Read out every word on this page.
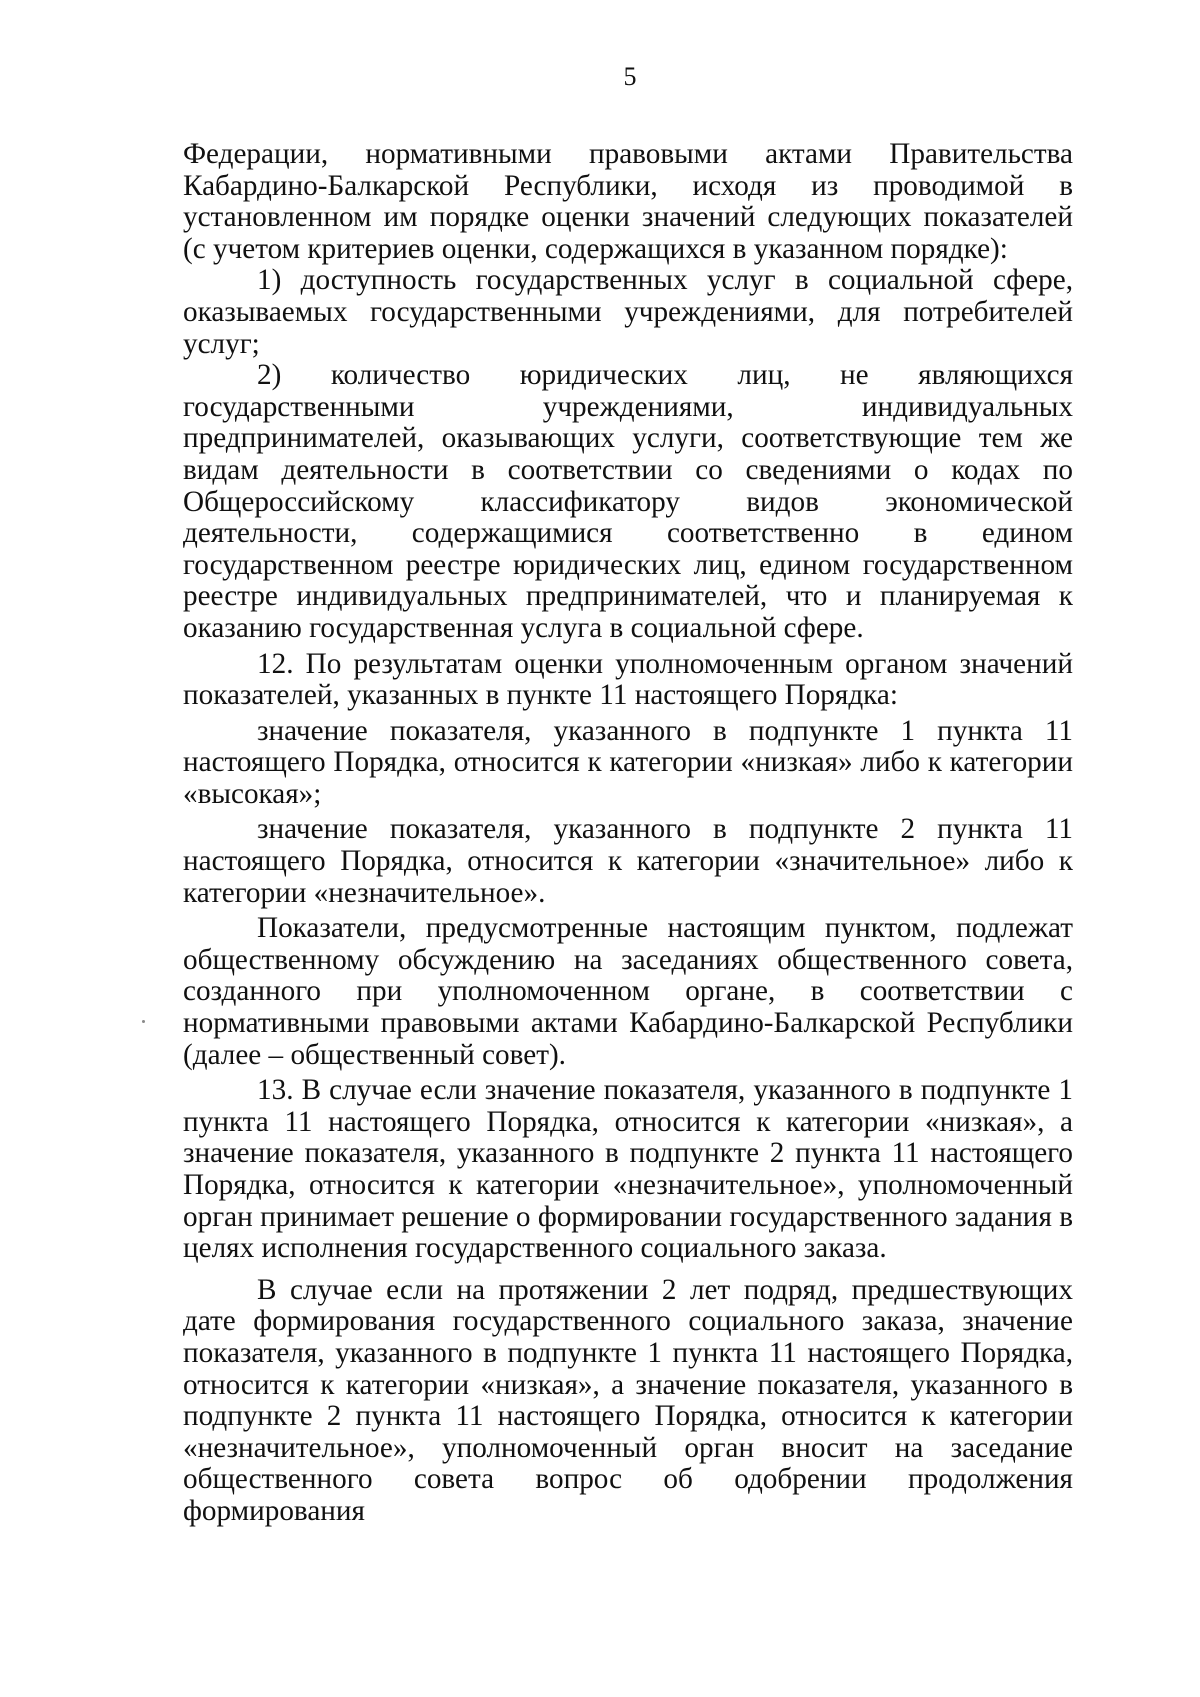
5

Федерации, нормативными правовыми актами Правительства Кабардино-Балкарской Республики, исходя из проводимой в установленном им порядке оценки значений следующих показателей (с учетом критериев оценки, содержащихся в указанном порядке):

1) доступность государственных услуг в социальной сфере, оказываемых государственными учреждениями, для потребителей услуг;

2) количество юридических лиц, не являющихся государственными учреждениями, индивидуальных предпринимателей, оказывающих услуги, соответствующие тем же видам деятельности в соответствии со сведениями о кодах по Общероссийскому классификатору видов экономической деятельности, содержащимися соответственно в едином государственном реестре юридических лиц, едином государственном реестре индивидуальных предпринимателей, что и планируемая к оказанию государственная услуга в социальной сфере.

12. По результатам оценки уполномоченным органом значений показателей, указанных в пункте 11 настоящего Порядка:

значение показателя, указанного в подпункте 1 пункта 11 настоящего Порядка, относится к категории «низкая» либо к категории «высокая»;

значение показателя, указанного в подпункте 2 пункта 11 настоящего Порядка, относится к категории «значительное» либо к категории «незначительное».

Показатели, предусмотренные настоящим пунктом, подлежат общественному обсуждению на заседаниях общественного совета, созданного при уполномоченном органе, в соответствии с нормативными правовыми актами Кабардино-Балкарской Республики (далее – общественный совет).

13. В случае если значение показателя, указанного в подпункте 1 пункта 11 настоящего Порядка, относится к категории «низкая», а значение показателя, указанного в подпункте 2 пункта 11 настоящего Порядка, относится к категории «незначительное», уполномоченный орган принимает решение о формировании государственного задания в целях исполнения государственного социального заказа.

В случае если на протяжении 2 лет подряд, предшествующих дате формирования государственного социального заказа, значение показателя, указанного в подпункте 1 пункта 11 настоящего Порядка, относится к категории «низкая», а значение показателя, указанного в подпункте 2 пункта 11 настоящего Порядка, относится к категории «незначительное», уполномоченный орган вносит на заседание общественного совета вопрос об одобрении продолжения формирования
